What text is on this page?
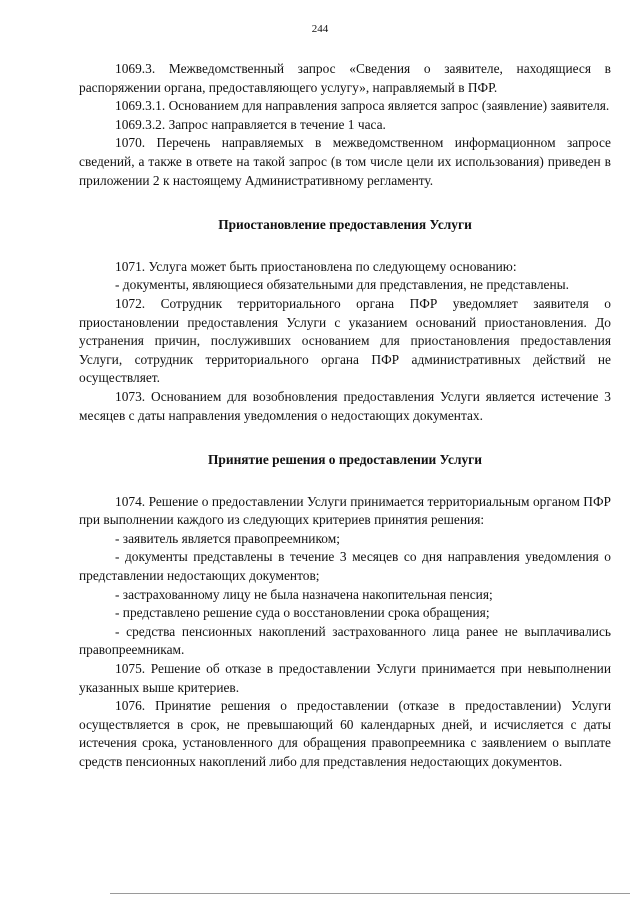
244

1069.3. Межведомственный запрос «Сведения о заявителе, находящиеся в распоряжении органа, предоставляющего услугу», направляемый в ПФР.

1069.3.1. Основанием для направления запроса является запрос (заявление) заявителя.

1069.3.2. Запрос направляется в течение 1 часа.

1070. Перечень направляемых в межведомственном информационном запросе сведений, а также в ответе на такой запрос (в том числе цели их использования) приведен в приложении 2 к настоящему Административному регламенту.

Приостановление предоставления Услуги

1071. Услуга может быть приостановлена по следующему основанию:

- документы, являющиеся обязательными для представления, не представлены.

1072. Сотрудник территориального органа ПФР уведомляет заявителя о приостановлении предоставления Услуги с указанием оснований приостановления. До устранения причин, послуживших основанием для приостановления предоставления Услуги, сотрудник территориального органа ПФР административных действий не осуществляет.

1073. Основанием для возобновления предоставления Услуги является истечение 3 месяцев с даты направления уведомления о недостающих документах.

Принятие решения о предоставлении Услуги

1074. Решение о предоставлении Услуги принимается территориальным органом ПФР при выполнении каждого из следующих критериев принятия решения:

- заявитель является правопреемником;

- документы представлены в течение 3 месяцев со дня направления уведомления о представлении недостающих документов;

- застрахованному лицу не была назначена накопительная пенсия;

- представлено решение суда о восстановлении срока обращения;

- средства пенсионных накоплений застрахованного лица ранее не выплачивались правопреемникам.

1075. Решение об отказе в предоставлении Услуги принимается при невыполнении указанных выше критериев.

1076. Принятие решения о предоставлении (отказе в предоставлении) Услуги осуществляется в срок, не превышающий 60 календарных дней, и исчисляется с даты истечения срока, установленного для обращения правопреемника с заявлением о выплате средств пенсионных накоплений либо для представления недостающих документов.
